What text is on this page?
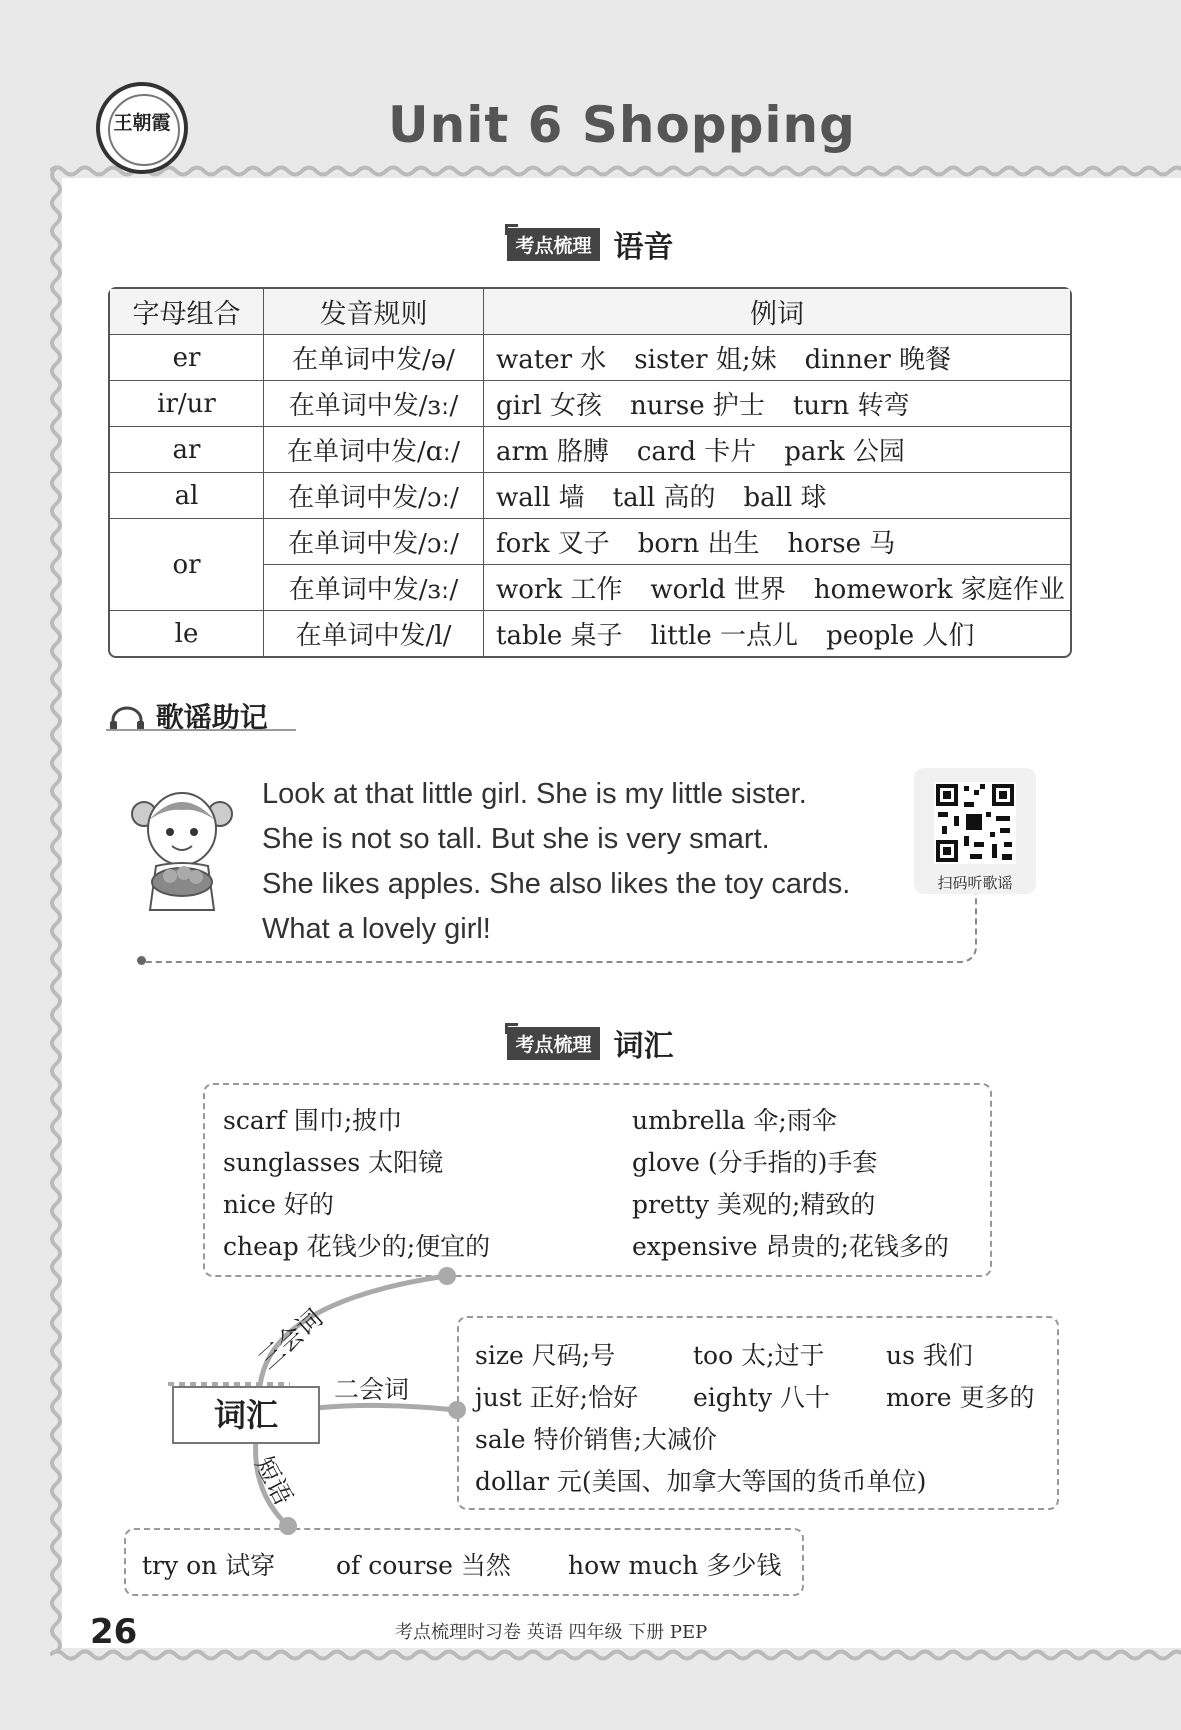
王朝霞	Unit 6 Shopping
考点梳理 语音
字母组合	发音规则	例词
er	在单词中发/ə/	water 水 sister 姐;妹 dinner 晚餐
ir/ur	在单词中发/ɜː/	girl 女孩 nurse 护士 turn 转弯
ar	在单词中发/ɑː/	arm 胳膊 card 卡片 park 公园
al	在单词中发/ɔː/	wall 墙 tall 高的 ball 球
or	在单词中发/ɔː/	fork 叉子 born 出生 horse 马
	在单词中发/ɜː/	work 工作 world 世界 homework 家庭作业
le	在单词中发/l/	table 桌子 little 一点儿 people 人们
歌谣助记
Look at that little girl. She is my little sister.
She is not so tall. But she is very smart.
She likes apples. She also likes the toy cards.
What a lovely girl!
扫码听歌谣
考点梳理 词汇
scarf 围巾;披巾
sunglasses 太阳镜
nice 好的
cheap 花钱少的;便宜的
umbrella 伞;雨伞
glove (分手指的)手套
pretty 美观的;精致的
expensive 昂贵的;花钱多的
size 尺码;号	too 太;过于 us 我们
just 正好;恰好 eighty 八十 more 更多的
sale 特价销售;大减价
dollar 元(美国、加拿大等国的货币单位)
try on 试穿 of course 当然 how much 多少钱
词汇
三会词
二会词
短语
26	考点梳理时习卷 英语 四年级 下册 PEP
